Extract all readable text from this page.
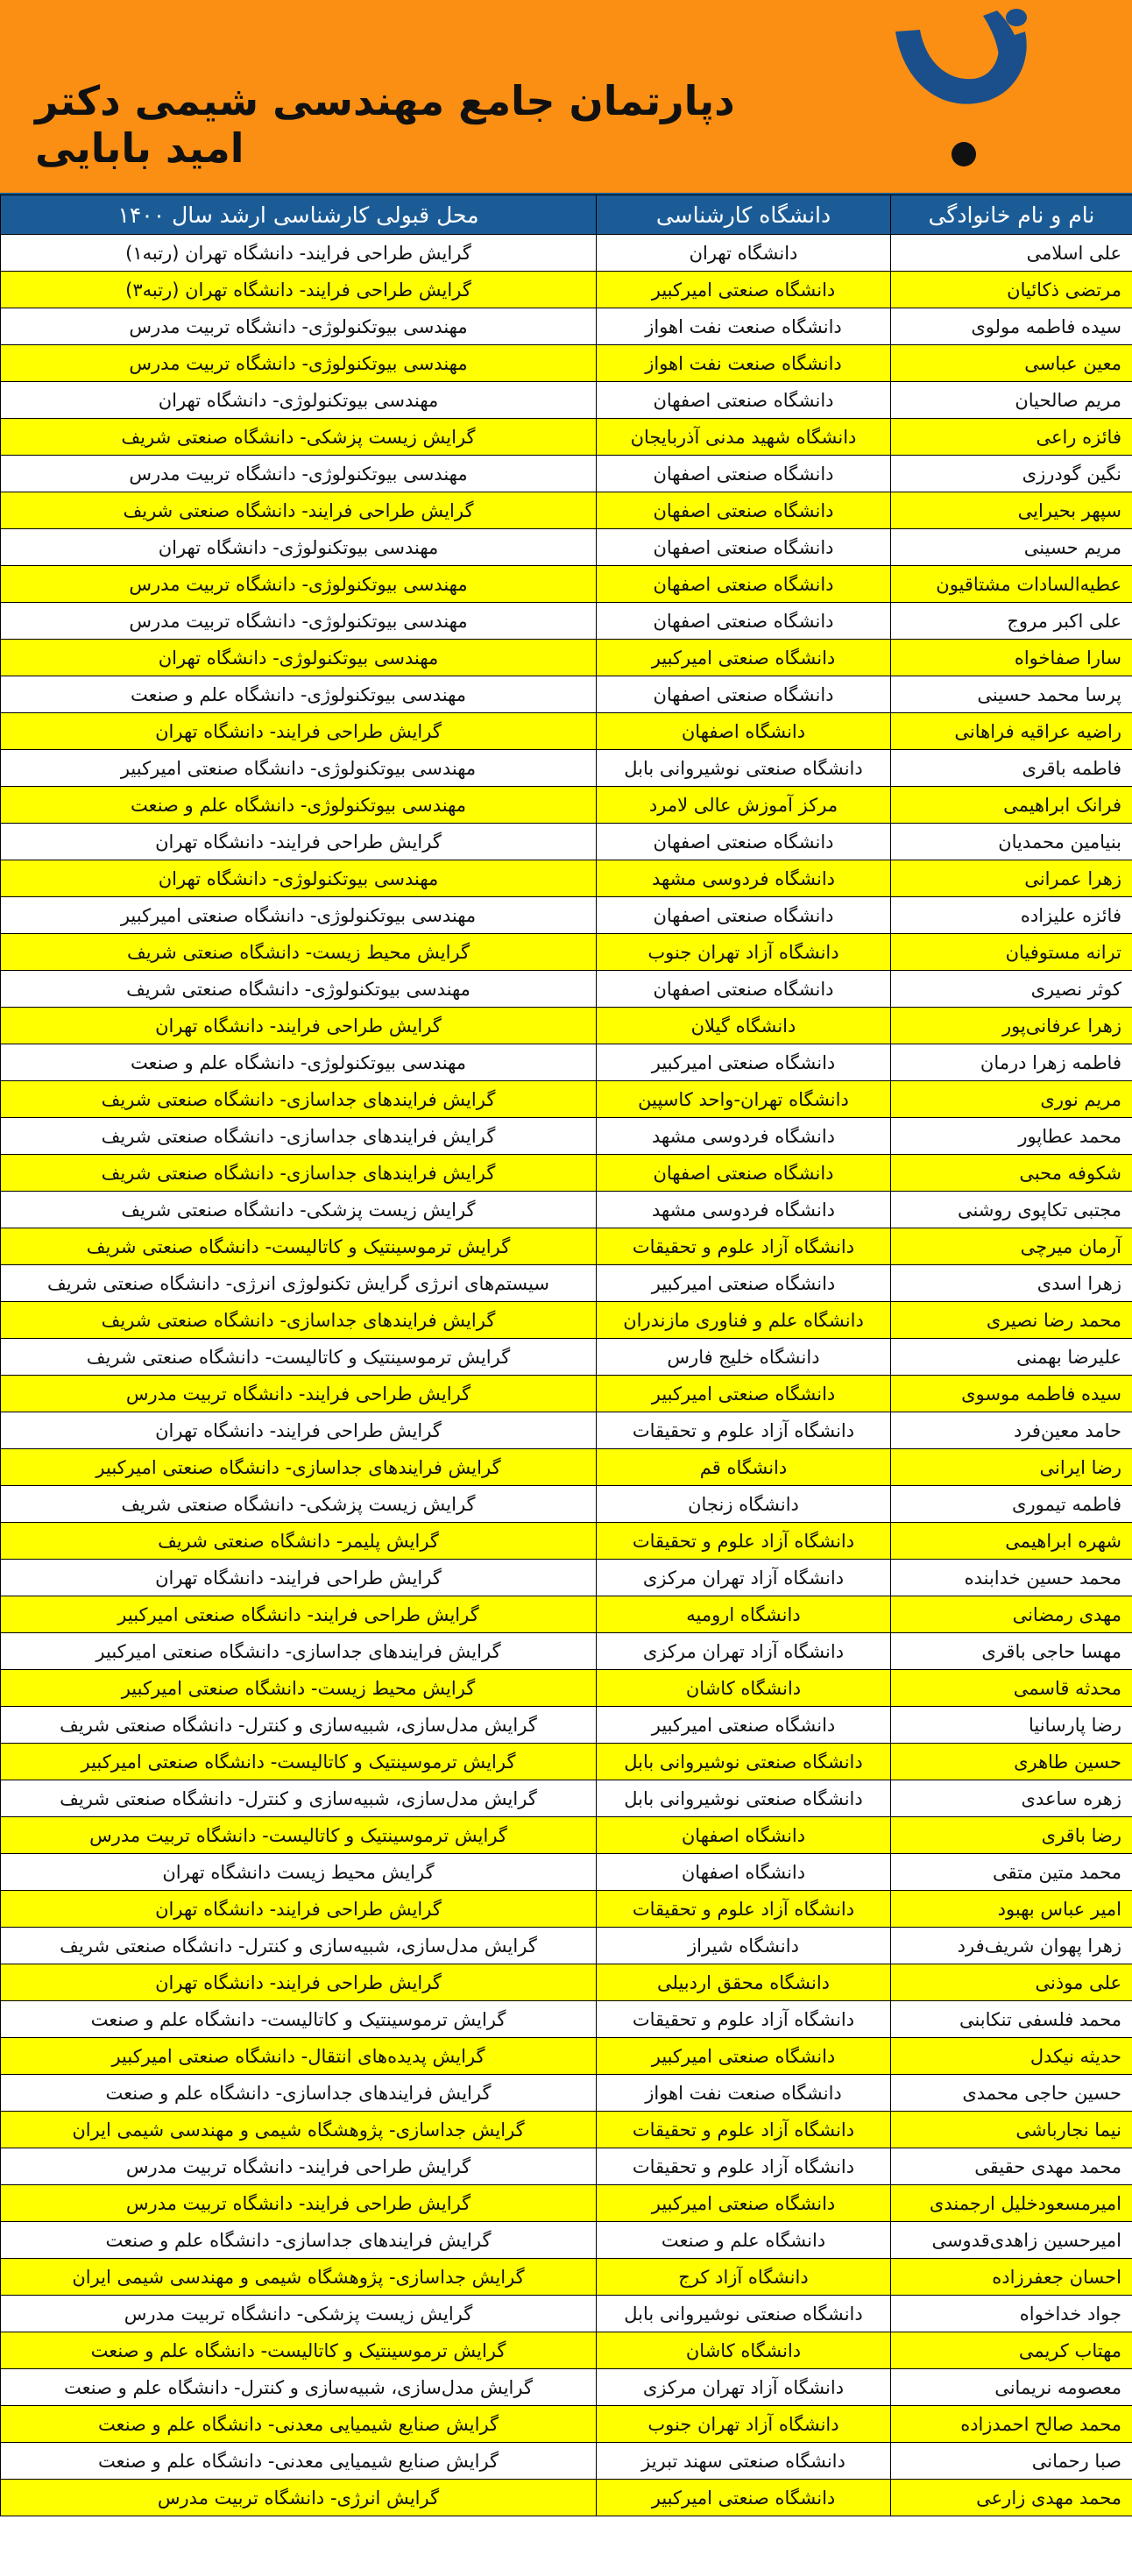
دپارتمان جامع مهندسی شیمی دکتر امید بابایی
نام و نام خانوادگی	دانشگاه کارشناسی	محل قبولی کارشناسی ارشد سال ۱۴۰۰
علی اسلامی	دانشگاه تهران	گرایش طراحی فرایند- دانشگاه تهران (رتبه۱)
مرتضی ذکائیان	دانشگاه صنعتی امیرکبیر	گرایش طراحی فرایند- دانشگاه تهران (رتبه۳)
سیده فاطمه مولوی	دانشگاه صنعت نفت اهواز	مهندسی بیوتکنولوژی- دانشگاه تربیت مدرس
معین عباسی	دانشگاه صنعت نفت اهواز	مهندسی بیوتکنولوژی- دانشگاه تربیت مدرس
مریم صالحیان	دانشگاه صنعتی اصفهان	مهندسی بیوتکنولوژی- دانشگاه تهران
فائزه راعی	دانشگاه شهید مدنی آذربایجان	گرایش زیست پزشکی- دانشگاه صنعتی شریف
نگین گودرزی	دانشگاه صنعتی اصفهان	مهندسی بیوتکنولوژی- دانشگاه تربیت مدرس
سپهر بحیرایی	دانشگاه صنعتی اصفهان	گرایش طراحی فرایند- دانشگاه صنعتی شریف
مریم حسینی	دانشگاه صنعتی اصفهان	مهندسی بیوتکنولوژی- دانشگاه تهران
عطیه‌السادات مشتاقیون	دانشگاه صنعتی اصفهان	مهندسی بیوتکنولوژی- دانشگاه تربیت مدرس
علی اکبر مروج	دانشگاه صنعتی اصفهان	مهندسی بیوتکنولوژی- دانشگاه تربیت مدرس
سارا صفاخواه	دانشگاه صنعتی امیرکبیر	مهندسی بیوتکنولوژی- دانشگاه تهران
پرسا محمد حسینی	دانشگاه صنعتی اصفهان	مهندسی بیوتکنولوژی- دانشگاه علم و صنعت
راضیه عراقیه فراهانی	دانشگاه اصفهان	گرایش طراحی فرایند- دانشگاه تهران
فاطمه باقری	دانشگاه صنعتی نوشیروانی بابل	مهندسی بیوتکنولوژی- دانشگاه صنعتی امیرکبیر
فرانک ابراهیمی	مرکز آموزش عالی لامرد	مهندسی بیوتکنولوژی- دانشگاه علم و صنعت
بنیامین محمدیان	دانشگاه صنعتی اصفهان	گرایش طراحی فرایند- دانشگاه تهران
زهرا عمرانی	دانشگاه فردوسی مشهد	مهندسی بیوتکنولوژی- دانشگاه تهران
فائزه علیزاده	دانشگاه صنعتی اصفهان	مهندسی بیوتکنولوژی- دانشگاه صنعتی امیرکبیر
ترانه مستوفیان	دانشگاه آزاد تهران جنوب	گرایش محیط زیست- دانشگاه صنعتی شریف
کوثر نصیری	دانشگاه صنعتی اصفهان	مهندسی بیوتکنولوژی- دانشگاه صنعتی شریف
زهرا عرفانی‌پور	دانشگاه گیلان	گرایش طراحی فرایند- دانشگاه تهران
فاطمه زهرا درمان	دانشگاه صنعتی امیرکبیر	مهندسی بیوتکنولوژی- دانشگاه علم و صنعت
مریم نوری	دانشگاه تهران-واحد کاسپین	گرایش فرایندهای جداسازی- دانشگاه صنعتی شریف
محمد عطاپور	دانشگاه فردوسی مشهد	گرایش فرایندهای جداسازی- دانشگاه صنعتی شریف
شکوفه محبی	دانشگاه صنعتی اصفهان	گرایش فرایندهای جداسازی- دانشگاه صنعتی شریف
مجتبی تکاپوی روشنی	دانشگاه فردوسی مشهد	گرایش زیست پزشکی- دانشگاه صنعتی شریف
آرمان میرچی	دانشگاه آزاد علوم و تحقیقات	گرایش ترموسینتیک و کاتالیست- دانشگاه صنعتی شریف
زهرا اسدی	دانشگاه صنعتی امیرکبیر	سیستم‌های انرژی گرایش تکنولوژی انرژی- دانشگاه صنعتی شریف
محمد رضا نصیری	دانشگاه علم و فناوری مازندران	گرایش فرایندهای جداسازی- دانشگاه صنعتی شریف
علیرضا بهمنی	دانشگاه خلیج فارس	گرایش ترموسینتیک و کاتالیست- دانشگاه صنعتی شریف
سیده فاطمه موسوی	دانشگاه صنعتی امیرکبیر	گرایش طراحی فرایند- دانشگاه تربیت مدرس
حامد معین‌فرد	دانشگاه آزاد علوم و تحقیقات	گرایش طراحی فرایند- دانشگاه تهران
رضا ایرانی	دانشگاه قم	گرایش فرایندهای جداسازی- دانشگاه صنعتی امیرکبیر
فاطمه تیموری	دانشگاه زنجان	گرایش زیست پزشکی- دانشگاه صنعتی شریف
شهره ابراهیمی	دانشگاه آزاد علوم و تحقیقات	گرایش پلیمر- دانشگاه صنعتی شریف
محمد حسین خدابنده	دانشگاه آزاد تهران مرکزی	گرایش طراحی فرایند- دانشگاه تهران
مهدی رمضانی	دانشگاه ارومیه	گرایش طراحی فرایند- دانشگاه صنعتی امیرکبیر
مهسا حاجی باقری	دانشگاه آزاد تهران مرکزی	گرایش فرایندهای جداسازی- دانشگاه صنعتی امیرکبیر
محدثه قاسمی	دانشگاه کاشان	گرایش محیط زیست- دانشگاه صنعتی امیرکبیر
رضا پارسانیا	دانشگاه صنعتی امیرکبیر	گرایش مدل‌سازی، شبیه‌سازی و کنترل- دانشگاه صنعتی شریف
حسین طاهری	دانشگاه صنعتی نوشیروانی بابل	گرایش ترموسینتیک و کاتالیست- دانشگاه صنعتی امیرکبیر
زهره ساعدی	دانشگاه صنعتی نوشیروانی بابل	گرایش مدل‌سازی، شبیه‌سازی و کنترل- دانشگاه صنعتی شریف
رضا باقری	دانشگاه اصفهان	گرایش ترموسینتیک و کاتالیست- دانشگاه تربیت مدرس
محمد متین متقی	دانشگاه اصفهان	گرایش محیط زیست دانشگاه تهران
امیر عباس بهبود	دانشگاه آزاد علوم و تحقیقات	گرایش طراحی فرایند- دانشگاه تهران
زهرا پهوان شریف‌فرد	دانشگاه شیراز	گرایش مدل‌سازی، شبیه‌سازی و کنترل- دانشگاه صنعتی شریف
علی موذنی	دانشگاه محقق اردبیلی	گرایش طراحی فرایند- دانشگاه تهران
محمد فلسفی تنکابنی	دانشگاه آزاد علوم و تحقیقات	گرایش ترموسینتیک و کاتالیست- دانشگاه علم و صنعت
حدیثه نیکدل	دانشگاه صنعتی امیرکبیر	گرایش پدیده‌های انتقال- دانشگاه صنعتی امیرکبیر
حسین حاجی محمدی	دانشگاه صنعت نفت اهواز	گرایش فرایندهای جداسازی- دانشگاه علم و صنعت
نیما نجارباشی	دانشگاه آزاد علوم و تحقیقات	گرایش جداسازی- پژوهشگاه شیمی و مهندسی شیمی ایران
محمد مهدی حقیقی	دانشگاه آزاد علوم و تحقیقات	گرایش طراحی فرایند- دانشگاه تربیت مدرس
امیرمسعودخلیل ارجمندی	دانشگاه صنعتی امیرکبیر	گرایش طراحی فرایند- دانشگاه تربیت مدرس
امیرحسین زاهدی‌قدوسی	دانشگاه علم و صنعت	گرایش فرایندهای جداسازی- دانشگاه علم و صنعت
احسان جعفرزاده	دانشگاه آزاد کرج	گرایش جداسازی- پژوهشگاه شیمی و مهندسی شیمی ایران
جواد خداخواه	دانشگاه صنعتی نوشیروانی بابل	گرایش زیست پزشکی- دانشگاه تربیت مدرس
مهتاب کریمی	دانشگاه کاشان	گرایش ترموسینتیک و کاتالیست- دانشگاه علم و صنعت
معصومه نریمانی	دانشگاه آزاد تهران مرکزی	گرایش مدل‌سازی، شبیه‌سازی و کنترل- دانشگاه علم و صنعت
محمد صالح احمدزاده	دانشگاه آزاد تهران جنوب	گرایش صنایع شیمیایی معدنی- دانشگاه علم و صنعت
صبا رحمانی	دانشگاه صنعتی سهند تبریز	گرایش صنایع شیمیایی معدنی- دانشگاه علم و صنعت
محمد مهدی زارعی	دانشگاه صنعتی امیرکبیر	گرایش انرژی- دانشگاه تربیت مدرس
